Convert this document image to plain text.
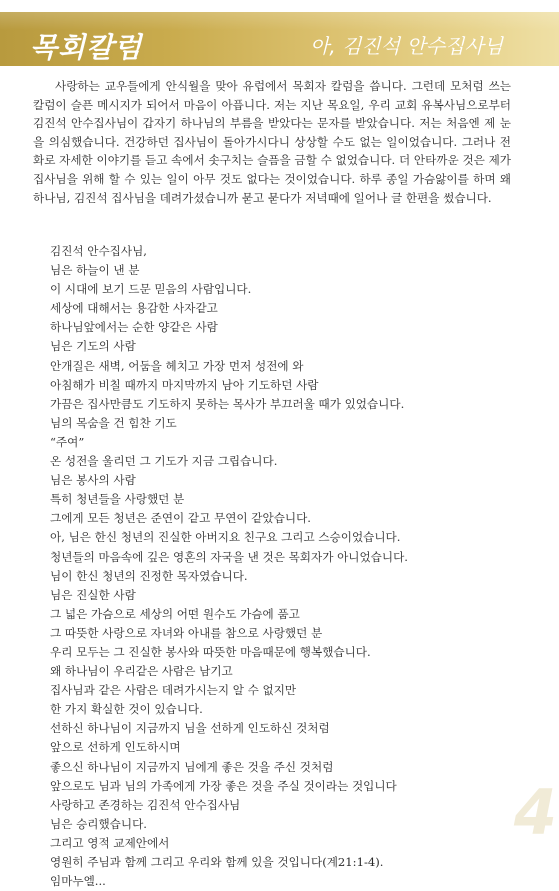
목회칼럼	아, 김진석 안수집사님

사랑하는 교우들에게 안식월을 맞아 유럽에서 목회자 칼럼을 씁니다. 그런데 모처럼 쓰는 칼럼이 슬픈 메시지가 되어서 마음이 아픕니다. 저는 지난 목요일, 우리 교회 유복사님으로부터 김진석 안수집사님이 갑자기 하나님의 부름을 받았다는 문자를 받았습니다. 저는 처음엔 제 눈을 의심했습니다. 건강하던 집사님이 돌아가시다니 상상할 수도 없는 일이었습니다. 그러나 전화로 자세한 이야기를 듣고 속에서 솟구치는 슬픔을 금할 수 없었습니다. 더 안타까운 것은 제가 집사님을 위해 할 수 있는 일이 아무 것도 없다는 것이었습니다. 하루 종일 가슴앓이를 하며 왜 하나님, 김진석 집사님을 데려가셨습니까 묻고 묻다가 저녁때에 일어나 글 한편을 썼습니다.

김진석 안수집사님,
님은 하늘이 낸 분
이 시대에 보기 드문 믿음의 사람입니다.
세상에 대해서는 용감한 사자같고
하나님앞에서는 순한 양같은 사람
님은 기도의 사람
안개질은 새벽, 어둠을 헤치고 가장 먼저 성전에 와
아침해가 비칠 때까지 마지막까지 남아 기도하던 사람
가끔은 집사만큼도 기도하지 못하는 목사가 부끄러울 때가 있었습니다.
님의 목숨을 건 힘찬 기도
“주여”
온 성전을 울리던 그 기도가 지금 그립습니다.
님은 봉사의 사람
특히 청년들을 사랑했던 분
그에게 모든 청년은 준연이 같고 무연이 같았습니다.
아, 님은 한신 청년의 진실한 아버지요 친구요 그리고 스승이었습니다.
청년들의 마음속에 깊은 영혼의 자국을 낸 것은 목회자가 아니었습니다.
님이 한신 청년의 진정한 목자였습니다.
님은 진실한 사람
그 넓은 가슴으로 세상의 어떤 원수도 가슴에 품고
그 따뜻한 사랑으로 자녀와 아내를 참으로 사랑했던 분
우리 모두는 그 진실한 봉사와 따뜻한 마음때문에 행복했습니다.
왜 하나님이 우리같은 사람은 남기고
집사님과 같은 사람은 데려가시는지 알 수 없지만
한 가지 확실한 것이 있습니다.
선하신 하나님이 지금까지 님을 선하게 인도하신 것처럼
앞으로 선하게 인도하시며
좋으신 하나님이 지금까지 님에게 좋은 것을 주신 것처럼
앞으로도 님과 님의 가족에게 가장 좋은 것을 주실 것이라는 것입니다
사랑하고 존경하는 김진석 안수집사님
님은 승리했습니다.
그리고 영적 교제안에서
영원히 주님과 함께 그리고 우리와 함께 있을 것입니다(계21:1-4).
임마누엘...
4
